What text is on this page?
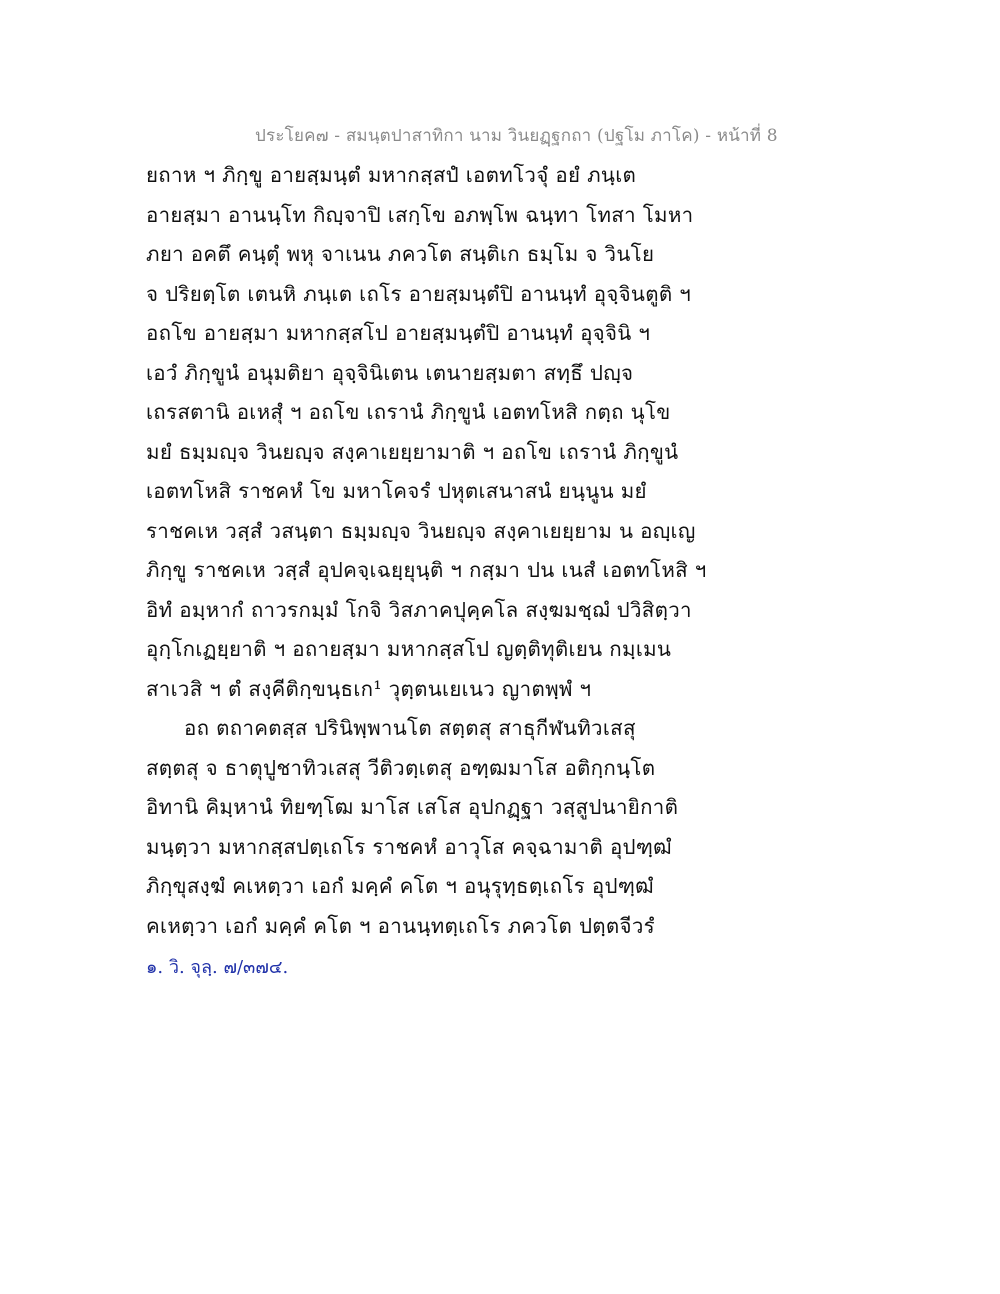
ประโยค๗ - สมนฺตปาสาทิกา นาม วินยฏฺฐกถา (ปฐโม ภาโค) - หน้าที่ 8
ยถาห ฯ ภิกฺขู อายสฺมนฺตํ มหากสฺสปํ เอตทโวจุํ อยํ ภนฺเต
อายสฺมา อานนฺโท กิญฺจาปิ เสกฺโข อภพฺโพ ฉนฺทา โทสา โมหา
ภยา อคตึ คนฺตุํ พหุ จาเนน ภควโต สนฺติเก ธมฺโม จ วินโย
จ ปริยตฺโต เตนหิ ภนฺเต เถโร อายสฺมนฺตํปิ อานนฺทํ อุจฺจินตูติ ฯ
อถโข อายสฺมา มหากสฺสโป อายสฺมนฺตํปิ อานนฺทํ อุจฺจินิ ฯ
เอวํ ภิกฺขูนํ อนุมติยา อุจฺจินิเตน เตนายสฺมตา สทฺธึ ปญฺจ
เถรสตานิ อเหสุํ ฯ อถโข เถรานํ ภิกฺขูนํ เอตทโหสิ กตฺถ นุโข
มยํ ธมฺมญฺจ วินยญฺจ สงฺคาเยยฺยามาติ ฯ อถโข เถรานํ ภิกฺขูนํ
เอตทโหสิ ราชคหํ โข มหาโคจรํ ปหุตเสนาสนํ ยนฺนูน มยํ
ราชคเห วสฺสํ วสนฺตา ธมฺมญฺจ วินยญฺจ สงฺคาเยยฺยาม น อญฺเญ
ภิกฺขู ราชคเห วสฺสํ อุปคจฺเฉยฺยุนฺติ ฯ กสฺมา ปน เนสํ เอตทโหสิ ฯ
อิทํ อมฺหากํ ถาวรกมฺมํ โกจิ วิสภาคปุคฺคโล สงฺฆมชฺฌํ ปวิสิตฺวา
อุกฺโกเฏยฺยาติ ฯ อถายสฺมา มหากสฺสโป ญตฺติทุติเยน กมฺเมน
สาเวสิ ฯ ตํ สงฺคีติกฺขนฺธเก¹ วุตฺตนเยเนว ญาตพฺพํ ฯ
อถ ตถาคตสฺส ปรินิพฺพานโต สตฺตสุ สาธุกีฬนทิวเสสุ
สตฺตสุ จ ธาตุปูชาทิวเสสุ วีติวตฺเตสุ อฑฺฒมาโส อติกฺกนฺโต
อิทานิ คิมฺหานํ ทิยฑฺโฒ มาโส เสโส อุปกฏฺฐา วสฺสูปนายิกาติ
มนฺตฺวา มหากสฺสปตฺเถโร ราชคหํ อาวุโส คจฺฉามาติ อุปฑฺฒํ
ภิกฺขุสงฺฆํ คเหตฺวา เอกํ มคฺคํ คโต ฯ อนุรุทฺธตฺเถโร อุปฑฺฒํ
คเหตฺวา เอกํ มคฺคํ คโต ฯ อานนฺทตฺเถโร ภควโต ปตฺตจีวรํ
๑. วิ. จุลฺ. ๗/๓๗๔.
